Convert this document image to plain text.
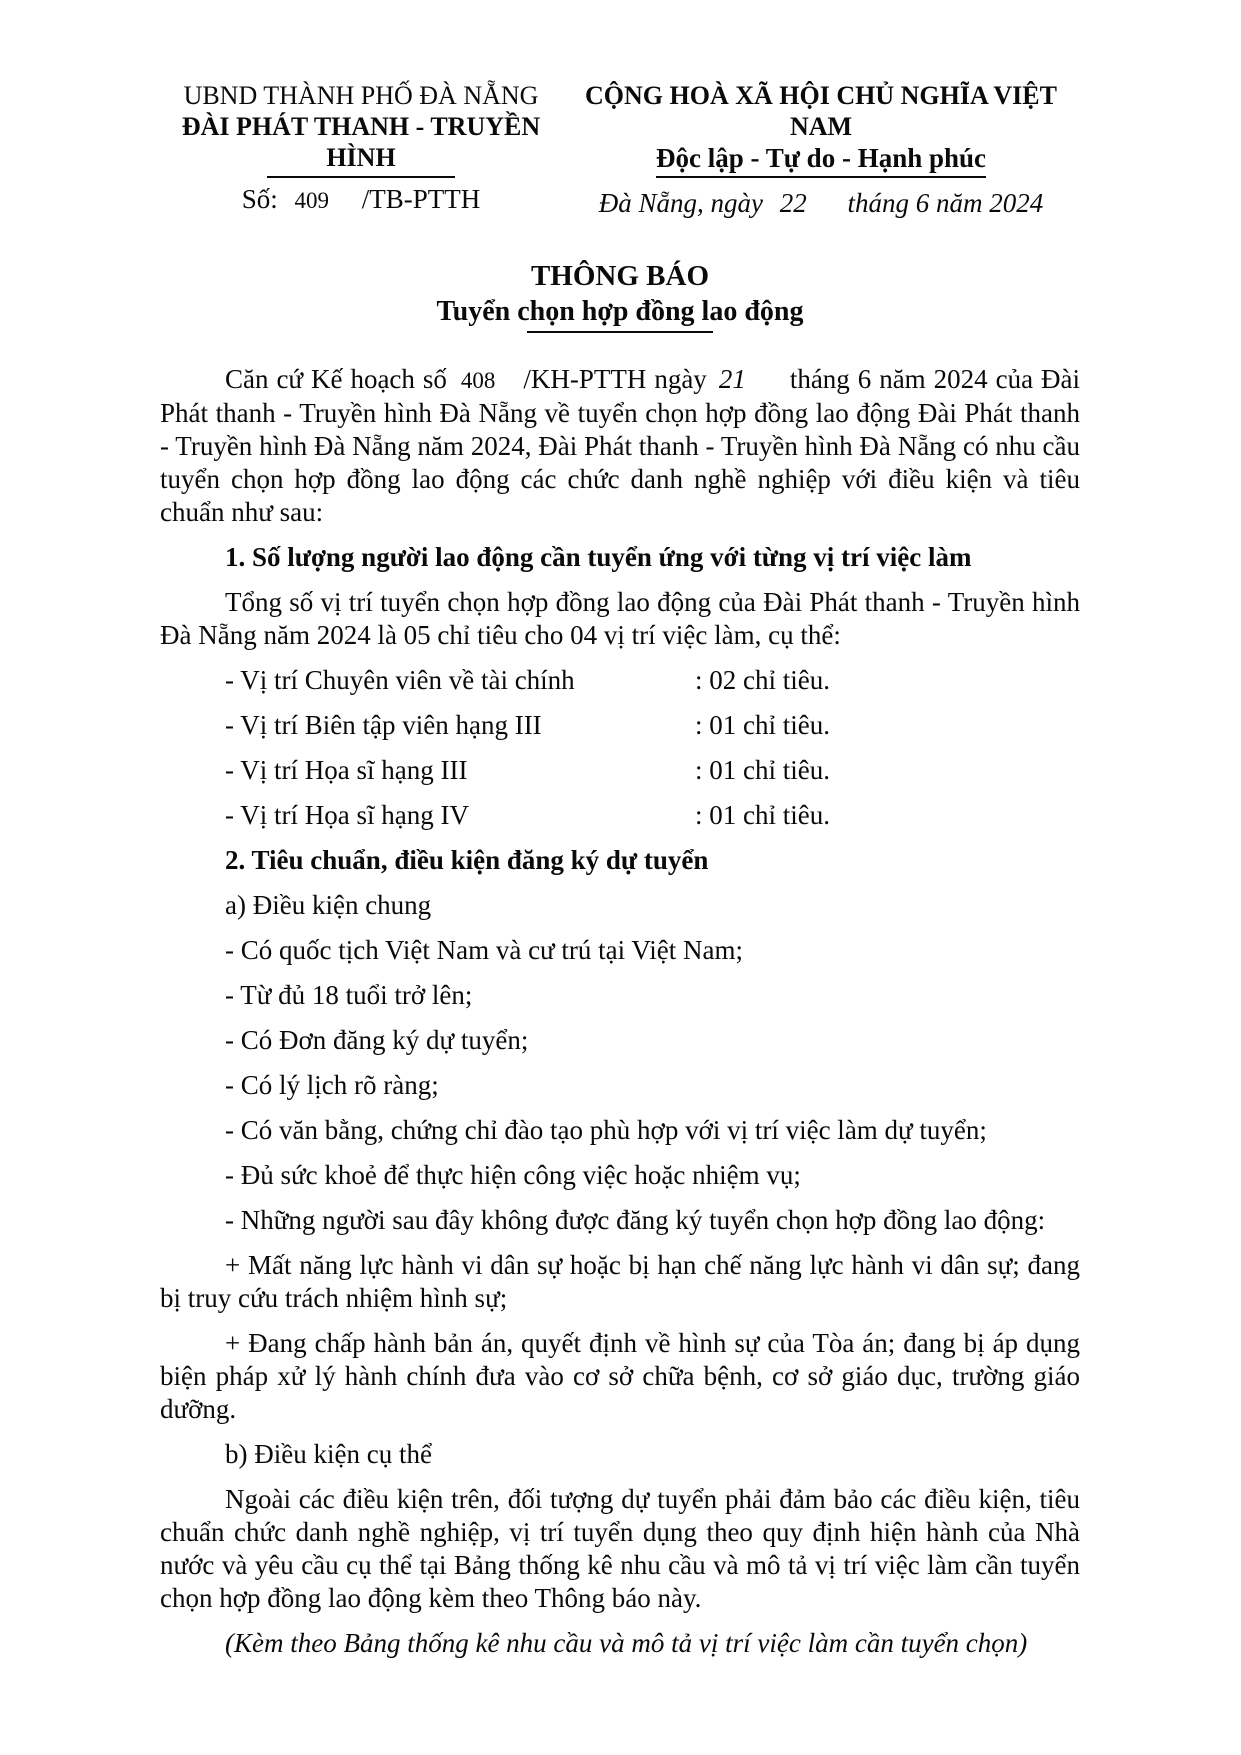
UBND THÀNH PHỐ ĐÀ NẴNG
ĐÀI PHÁT THANH - TRUYỀN HÌNH
Số: 409 /TB-PTTH
CỘNG HOÀ XÃ HỘI CHỦ NGHĨA VIỆT NAM
Độc lập - Tự do - Hạnh phúc
Đà Nẵng, ngày 22 tháng 6 năm 2024
THÔNG BÁO
Tuyển chọn hợp đồng lao động

Căn cứ Kế hoạch số 408 /KH-PTTH ngày 21 tháng 6 năm 2024 của Đài Phát thanh - Truyền hình Đà Nẵng về tuyển chọn hợp đồng lao động Đài Phát thanh - Truyền hình Đà Nẵng năm 2024, Đài Phát thanh - Truyền hình Đà Nẵng có nhu cầu tuyển chọn hợp đồng lao động các chức danh nghề nghiệp với điều kiện và tiêu chuẩn như sau:

1. Số lượng người lao động cần tuyển ứng với từng vị trí việc làm

Tổng số vị trí tuyển chọn hợp đồng lao động của Đài Phát thanh - Truyền hình Đà Nẵng năm 2024 là 05 chỉ tiêu cho 04 vị trí việc làm, cụ thể:

- Vị trí Chuyên viên về tài chính	: 02 chỉ tiêu.

- Vị trí Biên tập viên hạng III	: 01 chỉ tiêu.

- Vị trí Họa sĩ hạng III	: 01 chỉ tiêu.

- Vị trí Họa sĩ hạng IV	: 01 chỉ tiêu.

2. Tiêu chuẩn, điều kiện đăng ký dự tuyển

a) Điều kiện chung

- Có quốc tịch Việt Nam và cư trú tại Việt Nam;

- Từ đủ 18 tuổi trở lên;

- Có Đơn đăng ký dự tuyển;

- Có lý lịch rõ ràng;

- Có văn bằng, chứng chỉ đào tạo phù hợp với vị trí việc làm dự tuyển;

- Đủ sức khoẻ để thực hiện công việc hoặc nhiệm vụ;

- Những người sau đây không được đăng ký tuyển chọn hợp đồng lao động:

+ Mất năng lực hành vi dân sự hoặc bị hạn chế năng lực hành vi dân sự; đang bị truy cứu trách nhiệm hình sự;

+ Đang chấp hành bản án, quyết định về hình sự của Tòa án; đang bị áp dụng biện pháp xử lý hành chính đưa vào cơ sở chữa bệnh, cơ sở giáo dục, trường giáo dưỡng.

b) Điều kiện cụ thể

Ngoài các điều kiện trên, đối tượng dự tuyển phải đảm bảo các điều kiện, tiêu chuẩn chức danh nghề nghiệp, vị trí tuyển dụng theo quy định hiện hành của Nhà nước và yêu cầu cụ thể tại Bảng thống kê nhu cầu và mô tả vị trí việc làm cần tuyển chọn hợp đồng lao động kèm theo Thông báo này.

(Kèm theo Bảng thống kê nhu cầu và mô tả vị trí việc làm cần tuyển chọn)
